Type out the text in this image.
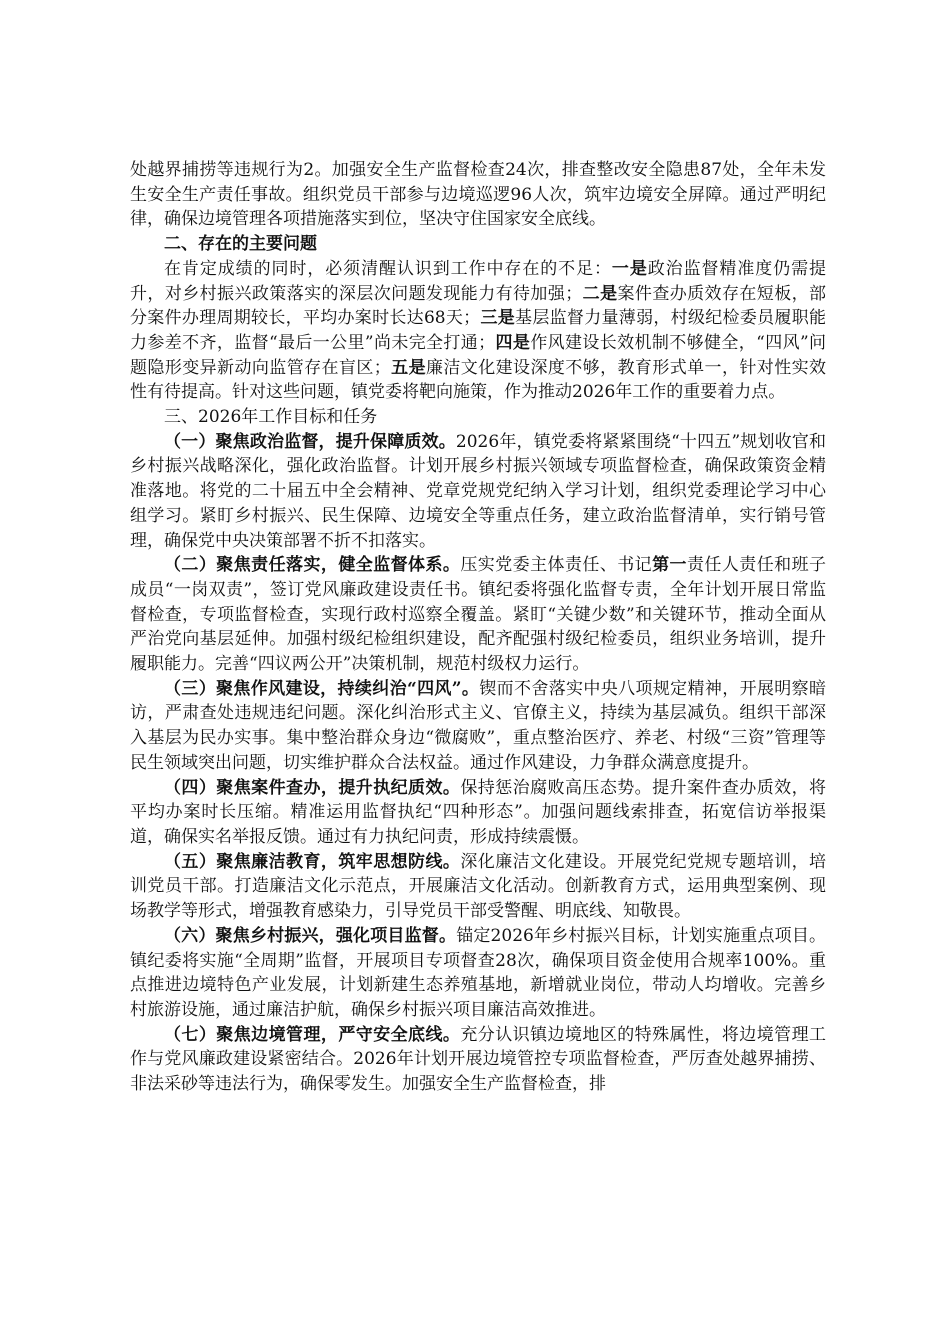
处越界捕捞等违规行为2。加强安全生产监督检查24次，排查整改安全隐患87处，全年未发生安全生产责任事故。组织党员干部参与边境巡逻96人次，筑牢边境安全屏障。通过严明纪律，确保边境管理各项措施落实到位，坚决守住国家安全底线。

二、存在的主要问题

在肯定成绩的同时，必须清醒认识到工作中存在的不足：一是政治监督精准度仍需提升，对乡村振兴政策落实的深层次问题发现能力有待加强；二是案件查办质效存在短板，部分案件办理周期较长，平均办案时长达68天；三是基层监督力量薄弱，村级纪检委员履职能力参差不齐，监督“最后一公里”尚未完全打通；四是作风建设长效机制不够健全，“四风”问题隐形变异新动向监管存在盲区；五是廉洁文化建设深度不够，教育形式单一，针对性实效性有待提高。针对这些问题，镇党委将靶向施策，作为推动2026年工作的重要着力点。

三、2026年工作目标和任务

（一）聚焦政治监督，提升保障质效。2026年，镇党委将紧紧围绕“十四五”规划收官和乡村振兴战略深化，强化政治监督。计划开展乡村振兴领域专项监督检查，确保政策资金精准落地。将党的二十届五中全会精神、党章党规党纪纳入学习计划，组织党委理论学习中心组学习。紧盯乡村振兴、民生保障、边境安全等重点任务，建立政治监督清单，实行销号管理，确保党中央决策部署不折不扣落实。

（二）聚焦责任落实，健全监督体系。压实党委主体责任、书记第一责任人责任和班子成员“一岗双责”，签订党风廉政建设责任书。镇纪委将强化监督专责，全年计划开展日常监督检查，专项监督检查，实现行政村巡察全覆盖。紧盯“关键少数”和关键环节，推动全面从严治党向基层延伸。加强村级纪检组织建设，配齐配强村级纪检委员，组织业务培训，提升履职能力。完善“四议两公开”决策机制，规范村级权力运行。

（三）聚焦作风建设，持续纠治“四风”。锲而不舍落实中央八项规定精神，开展明察暗访，严肃查处违规违纪问题。深化纠治形式主义、官僚主义，持续为基层减负。组织干部深入基层为民办实事。集中整治群众身边“微腐败”，重点整治医疗、养老、村级“三资”管理等民生领域突出问题，切实维护群众合法权益。通过作风建设，力争群众满意度提升。

（四）聚焦案件查办，提升执纪质效。保持惩治腐败高压态势。提升案件查办质效，将平均办案时长压缩。精准运用监督执纪“四种形态”。加强问题线索排查，拓宽信访举报渠道，确保实名举报反馈。通过有力执纪问责，形成持续震慑。

（五）聚焦廉洁教育，筑牢思想防线。深化廉洁文化建设。开展党纪党规专题培训，培训党员干部。打造廉洁文化示范点，开展廉洁文化活动。创新教育方式，运用典型案例、现场教学等形式，增强教育感染力，引导党员干部受警醒、明底线、知敬畏。

（六）聚焦乡村振兴，强化项目监督。锚定2026年乡村振兴目标，计划实施重点项目。镇纪委将实施“全周期”监督，开展项目专项督查28次，确保项目资金使用合规率100%。重点推进边境特色产业发展，计划新建生态养殖基地，新增就业岗位，带动人均增收。完善乡村旅游设施，通过廉洁护航，确保乡村振兴项目廉洁高效推进。

（七）聚焦边境管理，严守安全底线。充分认识镇边境地区的特殊属性，将边境管理工作与党风廉政建设紧密结合。2026年计划开展边境管控专项监督检查，严厉查处越界捕捞、非法采砂等违法行为，确保零发生。加强安全生产监督检查，排
